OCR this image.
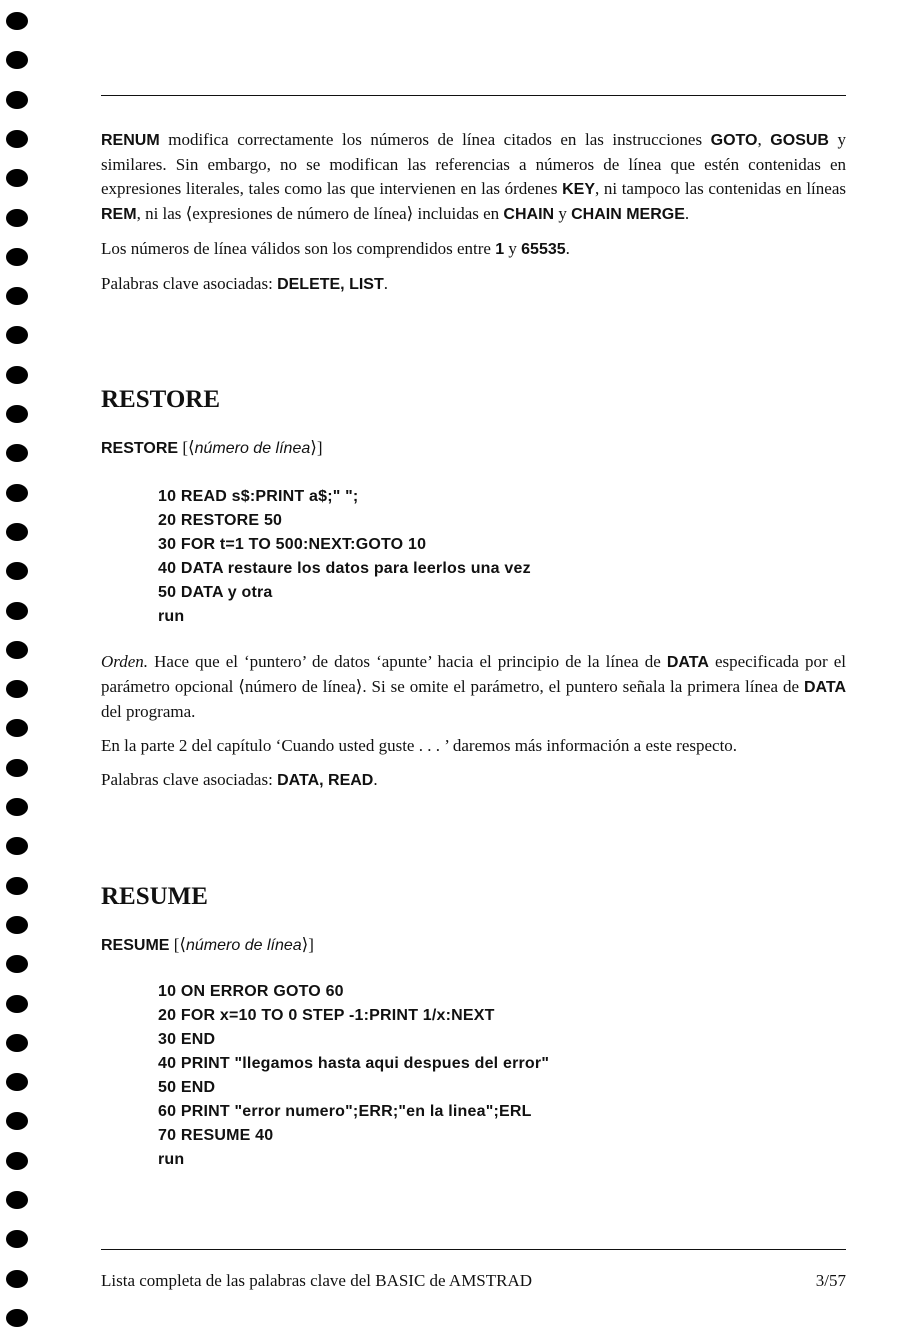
RENUM modifica correctamente los números de línea citados en las instrucciones GOTO, GOSUB y similares. Sin embargo, no se modifican las referencias a números de línea que estén contenidas en expresiones literales, tales como las que intervienen en las órdenes KEY, ni tampoco las contenidas en líneas REM, ni las ⟨expresiones de número de línea⟩ incluidas en CHAIN y CHAIN MERGE.

Los números de línea válidos son los comprendidos entre 1 y 65535.

Palabras clave asociadas: DELETE, LIST.

RESTORE
RESTORE [⟨número de línea⟩]
10 READ s$:PRINT a$;" ";
20 RESTORE 50
30 FOR t=1 TO 500:NEXT:GOTO 10
40 DATA restaure los datos para leerlos una vez
50 DATA y otra
run

Orden. Hace que el ‘puntero’ de datos ‘apunte’ hacia el principio de la línea de DATA especificada por el parámetro opcional ⟨número de línea⟩. Si se omite el parámetro, el puntero señala la primera línea de DATA del programa.

En la parte 2 del capítulo ‘Cuando usted guste . . . ’ daremos más información a este respecto.

Palabras clave asociadas: DATA, READ.

RESUME
RESUME [⟨número de línea⟩]
10 ON ERROR GOTO 60
20 FOR x=10 TO 0 STEP -1:PRINT 1/x:NEXT
30 END
40 PRINT "llegamos hasta aqui despues del error"
50 END
60 PRINT "error numero";ERR;"en la linea";ERL
70 RESUME 40
run
Lista completa de las palabras clave del BASIC de AMSTRAD	3/57
